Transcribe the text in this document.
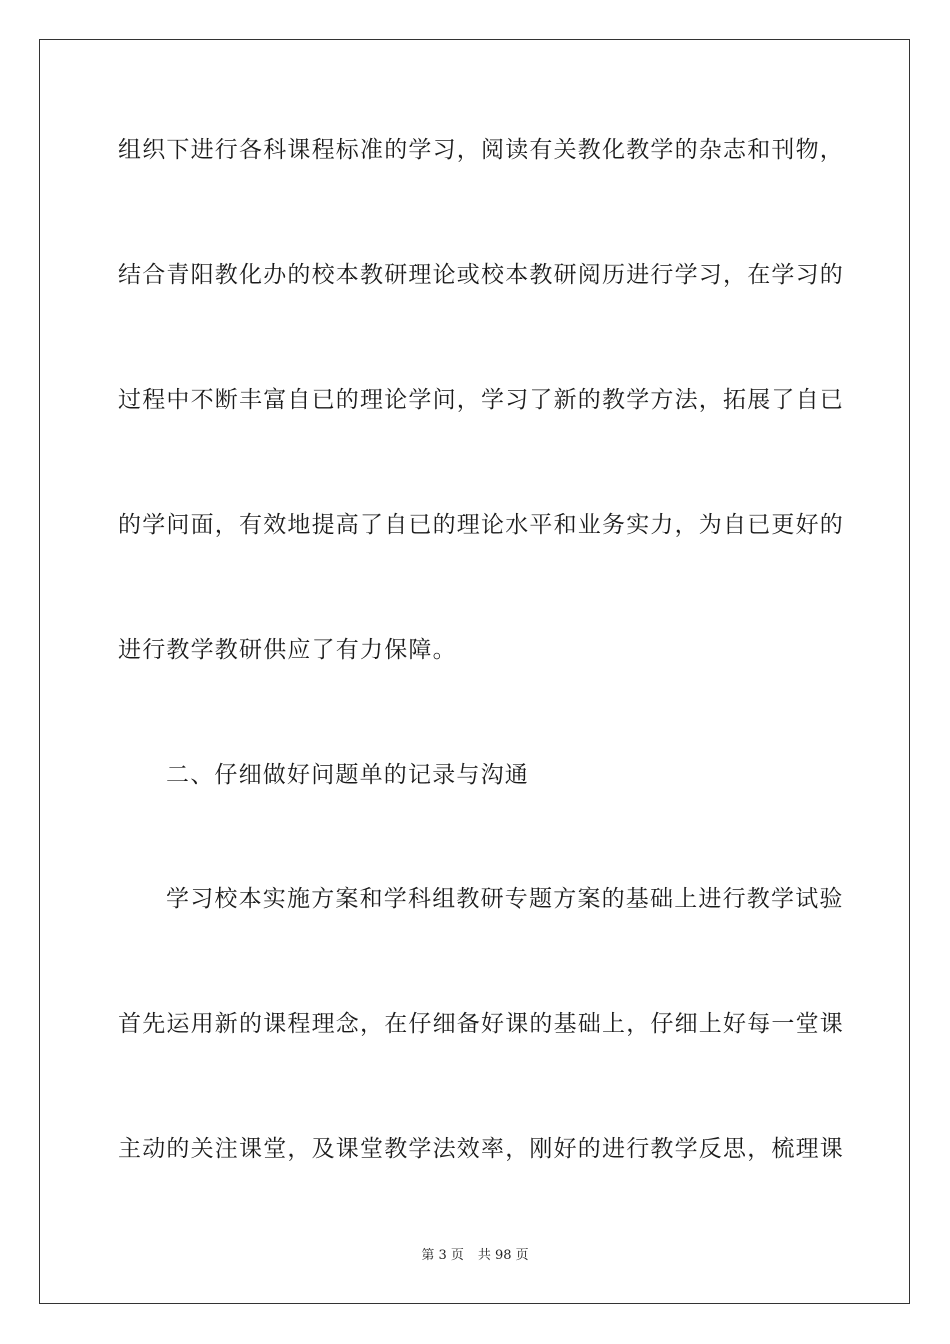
组织下进行各科课程标准的学习，阅读有关教化教学的杂志和刊物，
结合青阳教化办的校本教研理论或校本教研阅历进行学习，在学习的
过程中不断丰富自已的理论学问，学习了新的教学方法，拓展了自已
的学问面，有效地提高了自已的理论水平和业务实力，为自已更好的
进行教学教研供应了有力保障。
二、仔细做好问题单的记录与沟通
学习校本实施方案和学科组教研专题方案的基础上进行教学试验
首先运用新的课程理念，在仔细备好课的基础上，仔细上好每一堂课
主动的关注课堂，及课堂教学法效率，刚好的进行教学反思，梳理课
第 3 页 共 98 页
